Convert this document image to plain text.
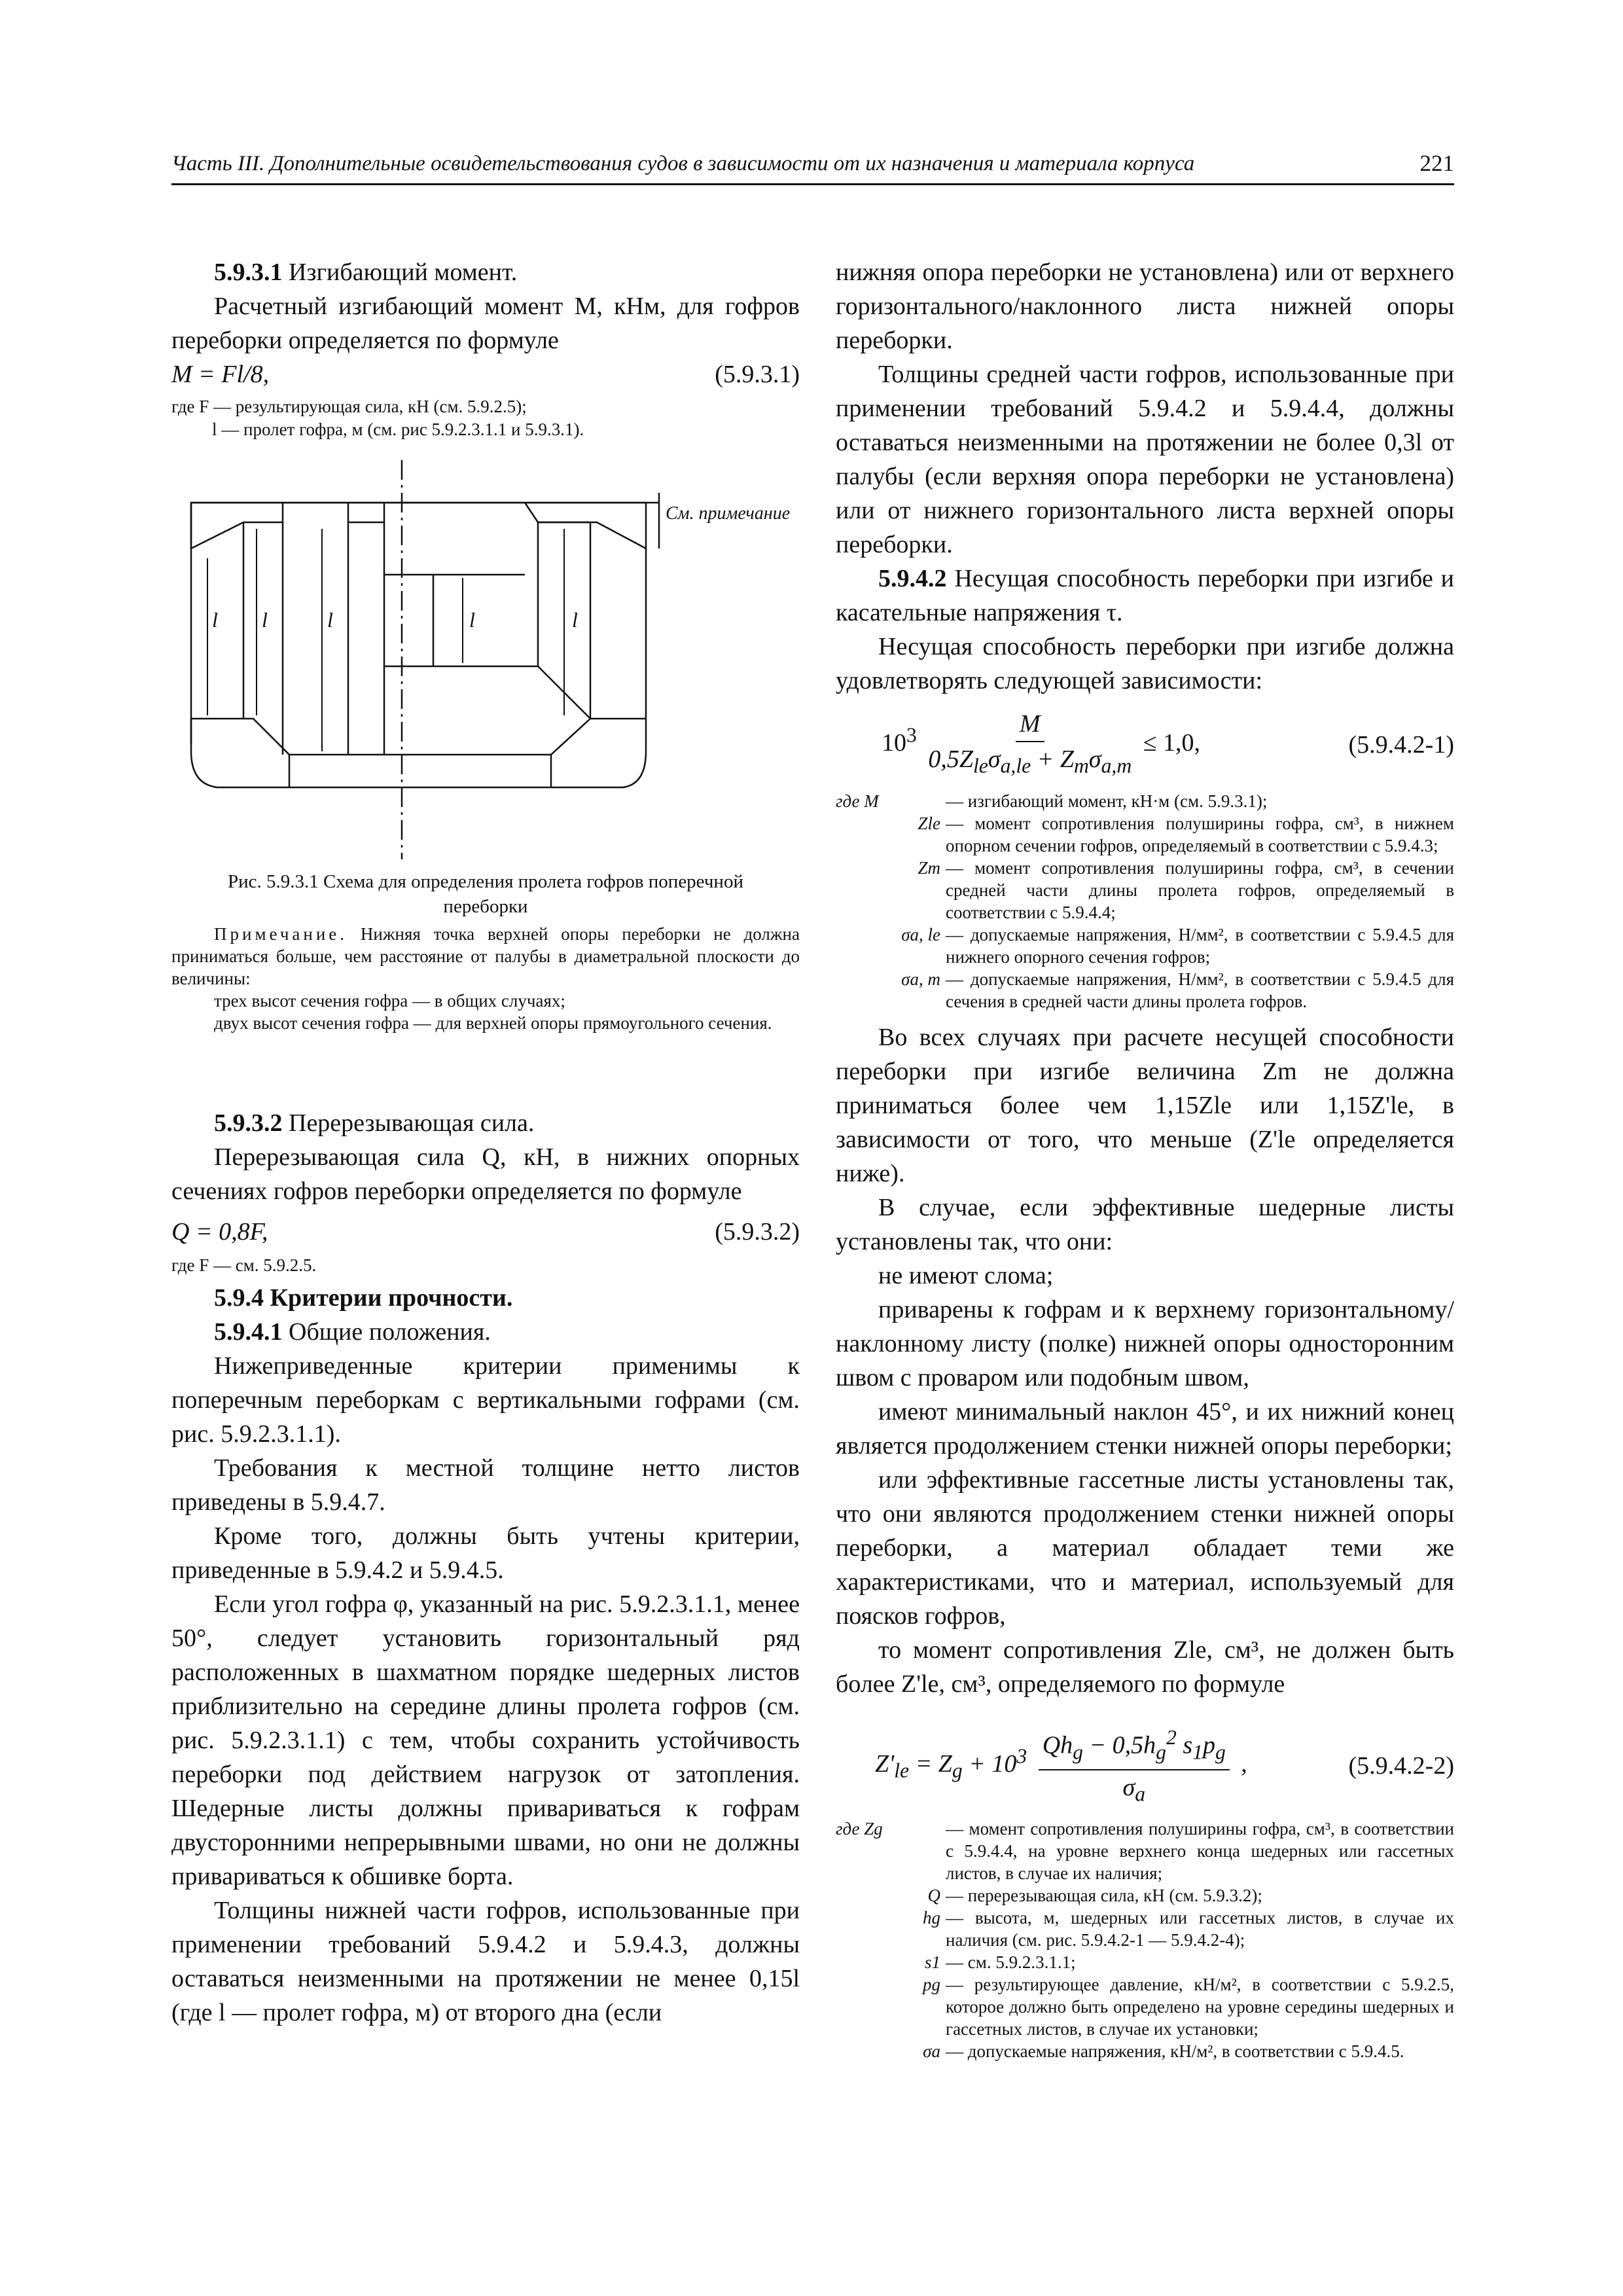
Часть III. Дополнительные освидетельствования судов в зависимости от их назначения и материала корпуса	221

5.9.3.1 Изгибающий момент.

Расчетный изгибающий момент M, кНм, для гофров переборки определяется по формуле

M = Fl/8,	(5.9.3.1)
где F — результирующая сила, кН (см. 5.9.2.5);
l — пролет гофра, м (см. рис 5.9.2.3.1.1 и 5.9.3.1).
l l	l	l	l
См. примечание

Рис. 5.9.3.1 Схема для определения пролета гофров поперечной переборки

Примечание. Нижняя точка верхней опоры переборки не должна приниматься больше, чем расстояние от палубы в диаметральной плоскости до величины:

трех высот сечения гофра — в общих случаях;

двух высот сечения гофра — для верхней опоры прямоугольного сечения.

5.9.3.2 Перерезывающая сила.

Перерезывающая сила Q, кН, в нижних опорных сечениях гофров переборки определяется по формуле

Q = 0,8F,	(5.9.3.2)
где F — см. 5.9.2.5.

5.9.4 Критерии прочности.

5.9.4.1 Общие положения.

Нижеприведенные критерии применимы к поперечным переборкам с вертикальными гофрами (см. рис. 5.9.2.3.1.1).

Требования к местной толщине нетто листов приведены в 5.9.4.7.

Кроме того, должны быть учтены критерии, приведенные в 5.9.4.2 и 5.9.4.5.

Если угол гофра φ, указанный на рис. 5.9.2.3.1.1, менее 50°, следует установить горизонтальный ряд расположенных в шахматном порядке шедерных листов приблизительно на середине длины пролета гофров (см. рис. 5.9.2.3.1.1) с тем, чтобы сохранить устойчивость переборки под действием нагрузок от затопления. Шедерные листы должны привариваться к гофрам двусторонними непрерывными швами, но они не должны привариваться к обшивке борта.

Толщины нижней части гофров, использованные при применении требований 5.9.4.2 и 5.9.4.3, должны оставаться неизменными на протяжении не менее 0,15l (где l — пролет гофра, м) от второго дна (если

нижняя опора переборки не установлена) или от верхнего горизонтального/наклонного листа нижней опоры переборки.

Толщины средней части гофров, использованные при применении требований 5.9.4.2 и 5.9.4.4, должны оставаться неизменными на протяжении не более 0,3l от палубы (если верхняя опора переборки не установлена) или от нижнего горизонтального листа верхней опоры переборки.

5.9.4.2 Несущая способность переборки при изгибе и касательные напряжения τ.

Несущая способность переборки при изгибе должна удовлетворять следующей зависимости:

$10^3 \frac{M}{0,5Z_{le}\sigma_{a,le} + Z_m\sigma_{a,m}} \le 1,0$,	(5.9.4.2-1)
где M	— изгибающий момент, кН·м (см. 5.9.3.1);
Zle — момент сопротивления полуширины гофра, см³, в нижнем опорном сечении гофров, определяемый в соответствии с 5.9.4.3;
Zm — момент сопротивления полуширины гофра, см³, в сечении средней части длины пролета гофров, определяемый в соответствии с 5.9.4.4;
σa, le — допускаемые напряжения, Н/мм², в соответствии с 5.9.4.5 для нижнего опорного сечения гофров;
σa, m — допускаемые напряжения, Н/мм², в соответствии с 5.9.4.5 для сечения в средней части длины пролета гофров.

Во всех случаях при расчете несущей способности переборки при изгибе величина Zm не должна приниматься более чем 1,15Zle или 1,15Z'le, в зависимости от того, что меньше (Z'le определяется ниже).

В случае, если эффективные шедерные листы установлены так, что они:

не имеют слома;

приварены к гофрам и к верхнему горизонтальному/наклонному листу (полке) нижней опоры односторонним швом с проваром или подобным швом,

имеют минимальный наклон 45°, и их нижний конец является продолжением стенки нижней опоры переборки;

или эффективные гассетные листы установлены так, что они являются продолжением стенки нижней опоры переборки, а материал обладает теми же характеристиками, что и материал, используемый для поясков гофров,

то момент сопротивления Zle, см³, не должен быть более Z'le, см³, определяемого по формуле

$Z'_{le} = Z_g + 10^3 \frac{Qh_g - 0,5h_g^2 s_1p_g}{\sigma_a}$ ,	(5.9.4.2-2)
где Zg	— момент сопротивления полуширины гофра, см³, в соответствии с 5.9.4.4, на уровне верхнего конца шедерных или гассетных листов, в случае их наличия;
Q — перерезывающая сила, кН (см. 5.9.3.2);
hg — высота, м, шедерных или гассетных листов, в случае их наличия (см. рис. 5.9.4.2-1 — 5.9.4.2-4);
s1 — см. 5.9.2.3.1.1;
pg — результирующее давление, кН/м², в соответствии с 5.9.2.5, которое должно быть определено на уровне середины шедерных и гассетных листов, в случае их установки;
σa — допускаемые напряжения, кН/м², в соответствии с 5.9.4.5.
